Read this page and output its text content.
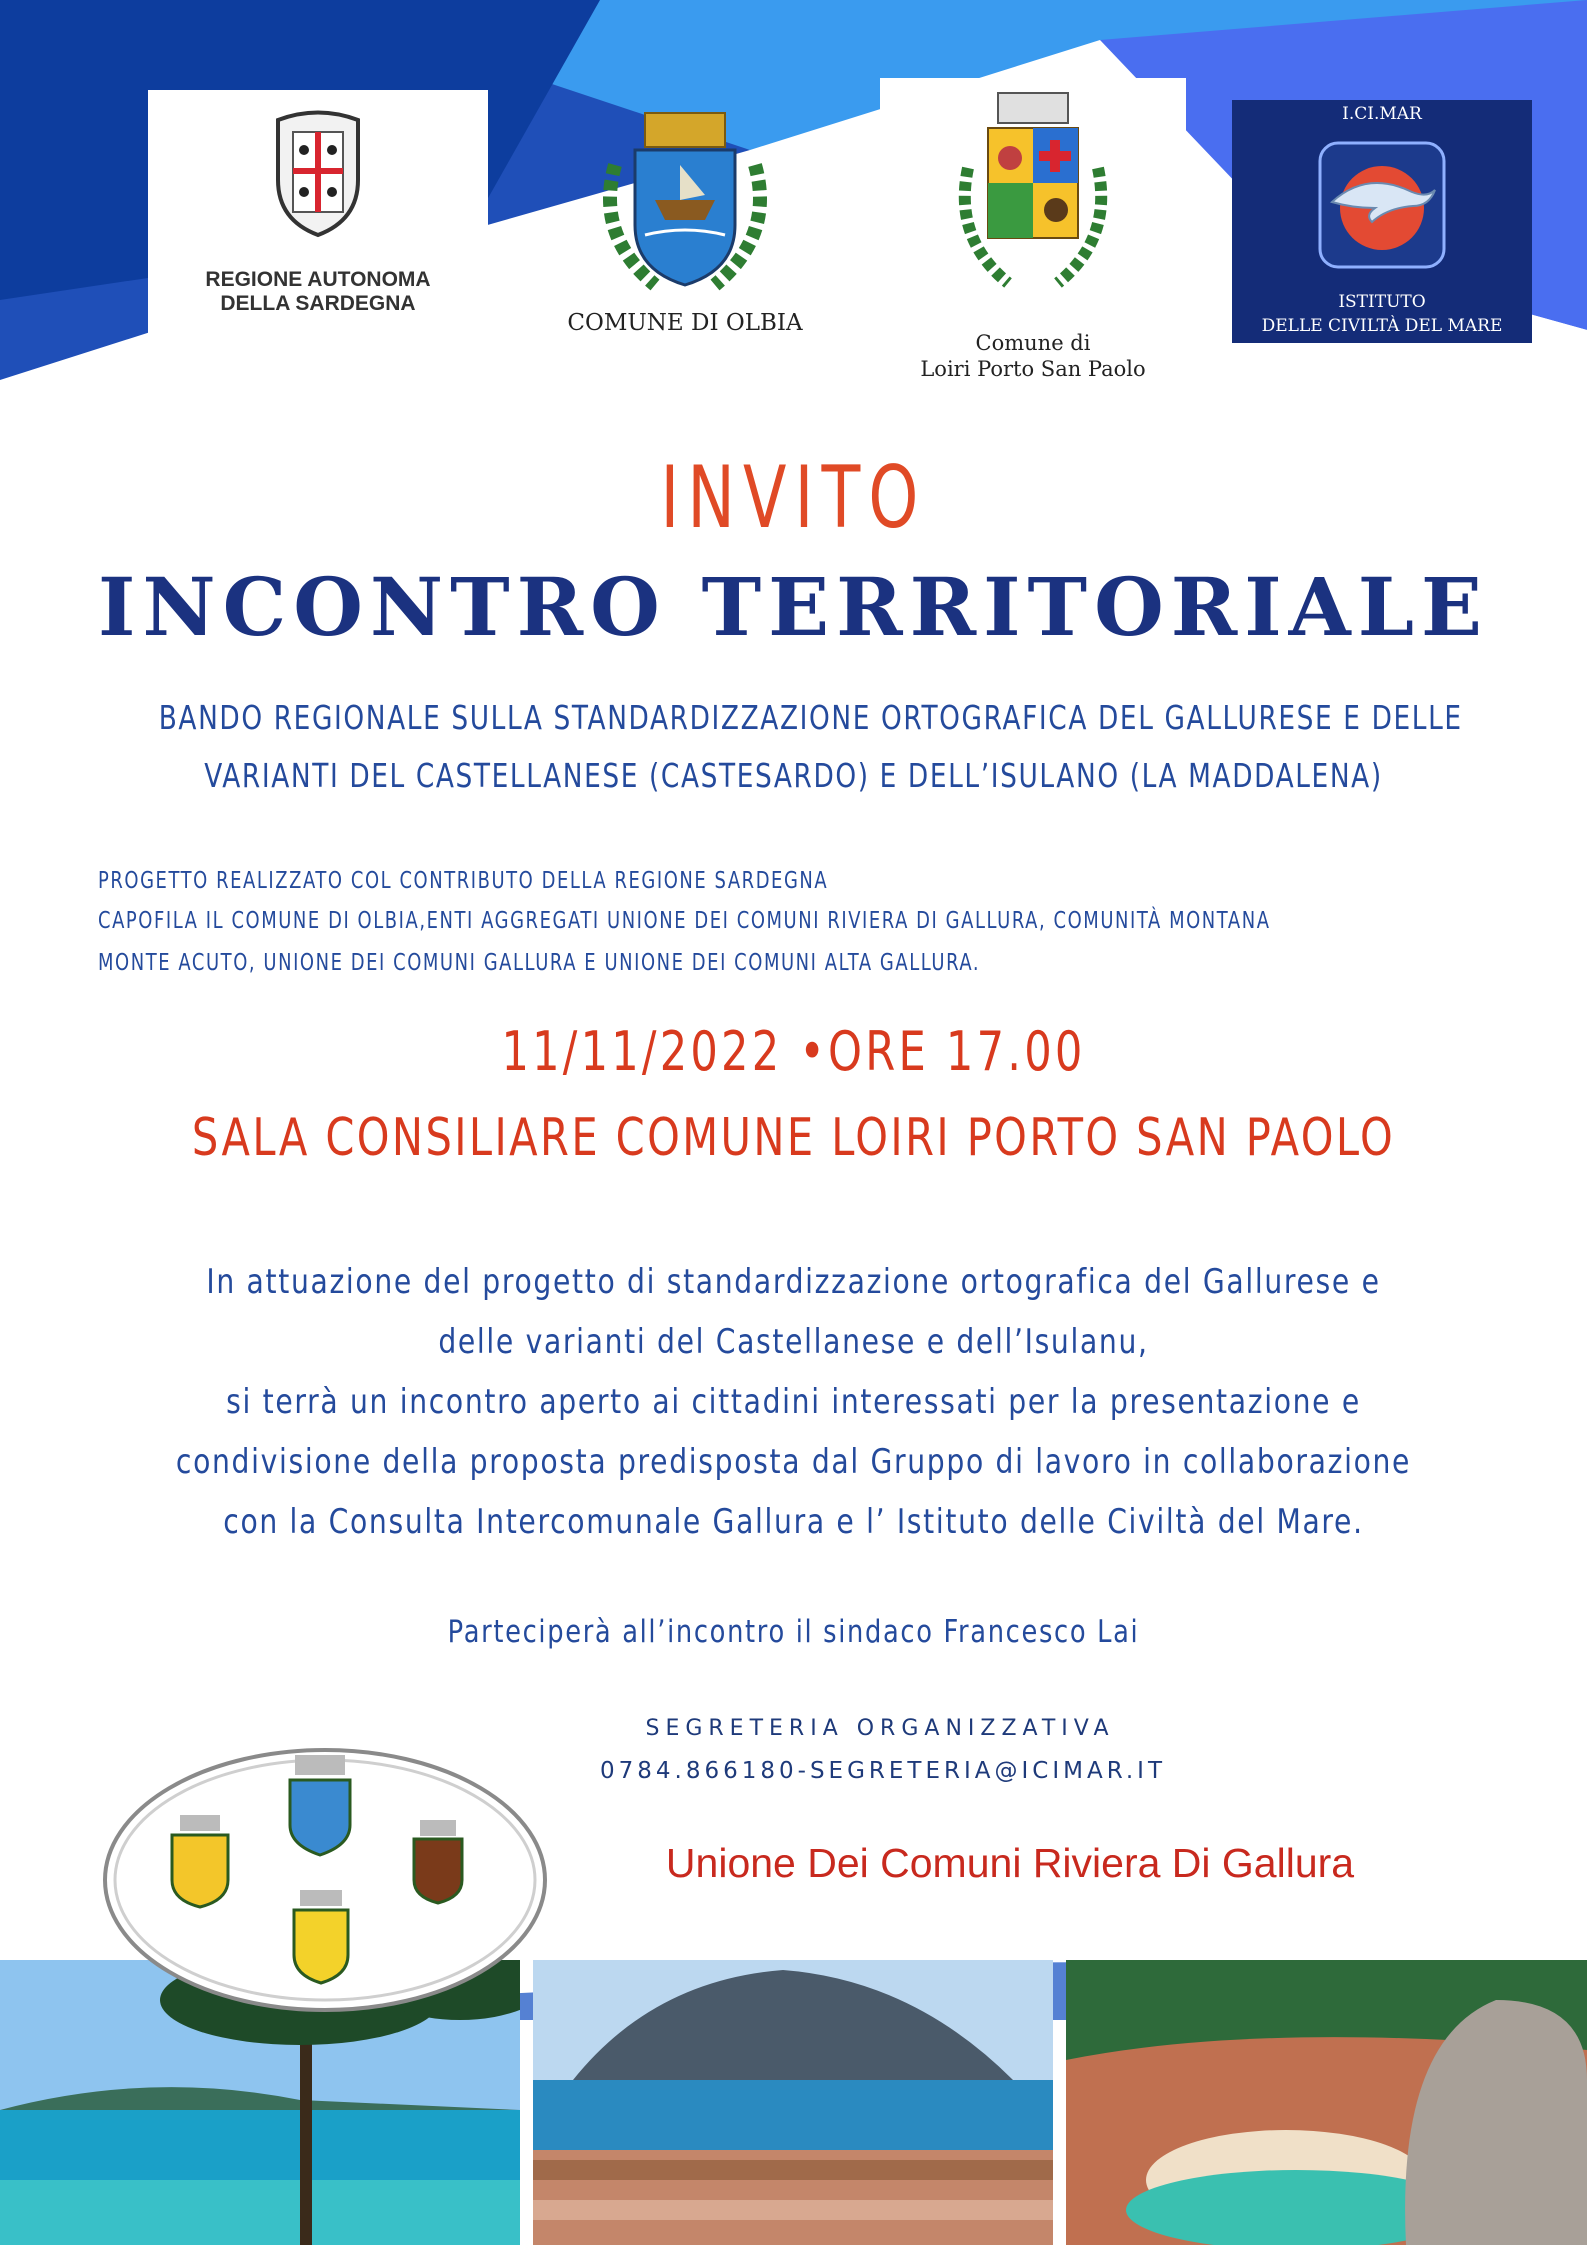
REGIONE AUTONOMA
DELLA SARDEGNA
COMUNE DI OLBIA
Comune di
Loiri Porto San Paolo
I.CI.MAR
ISTITUTO
DELLE CIVILTÀ DEL MARE
INVITO
INCONTRO TERRITORIALE

BANDO REGIONALE SULLA STANDARDIZZAZIONE ORTOGRAFICA DEL GALLURESE E DELLE

VARIANTI DEL CASTELLANESE (CASTESARDO) E DELL’ISULANO (LA MADDALENA)

PROGETTO REALIZZATO COL CONTRIBUTO DELLA REGIONE SARDEGNA

CAPOFILA IL COMUNE DI OLBIA,ENTI AGGREGATI UNIONE DEI COMUNI RIVIERA DI GALLURA, COMUNITÀ MONTANA

MONTE ACUTO, UNIONE DEI COMUNI GALLURA E UNIONE DEI COMUNI ALTA GALLURA.

11/11/2022 •ORE 17.00

SALA CONSILIARE COMUNE LOIRI PORTO SAN PAOLO

In attuazione del progetto di standardizzazione ortografica del Gallurese e

delle varianti del Castellanese e dell’Isulanu,

si terrà un incontro aperto ai cittadini interessati per la presentazione e

condivisione della proposta predisposta dal Gruppo di lavoro in collaborazione

con la Consulta Intercomunale Gallura e l’ Istituto delle Civiltà del Mare.

Parteciperà all’incontro il sindaco Francesco Lai

SEGRETERIA ORGANIZZATIVA

0784.866180-SEGRETERIA@ICIMAR.IT

Unione Dei Comuni Riviera Di Gallura
